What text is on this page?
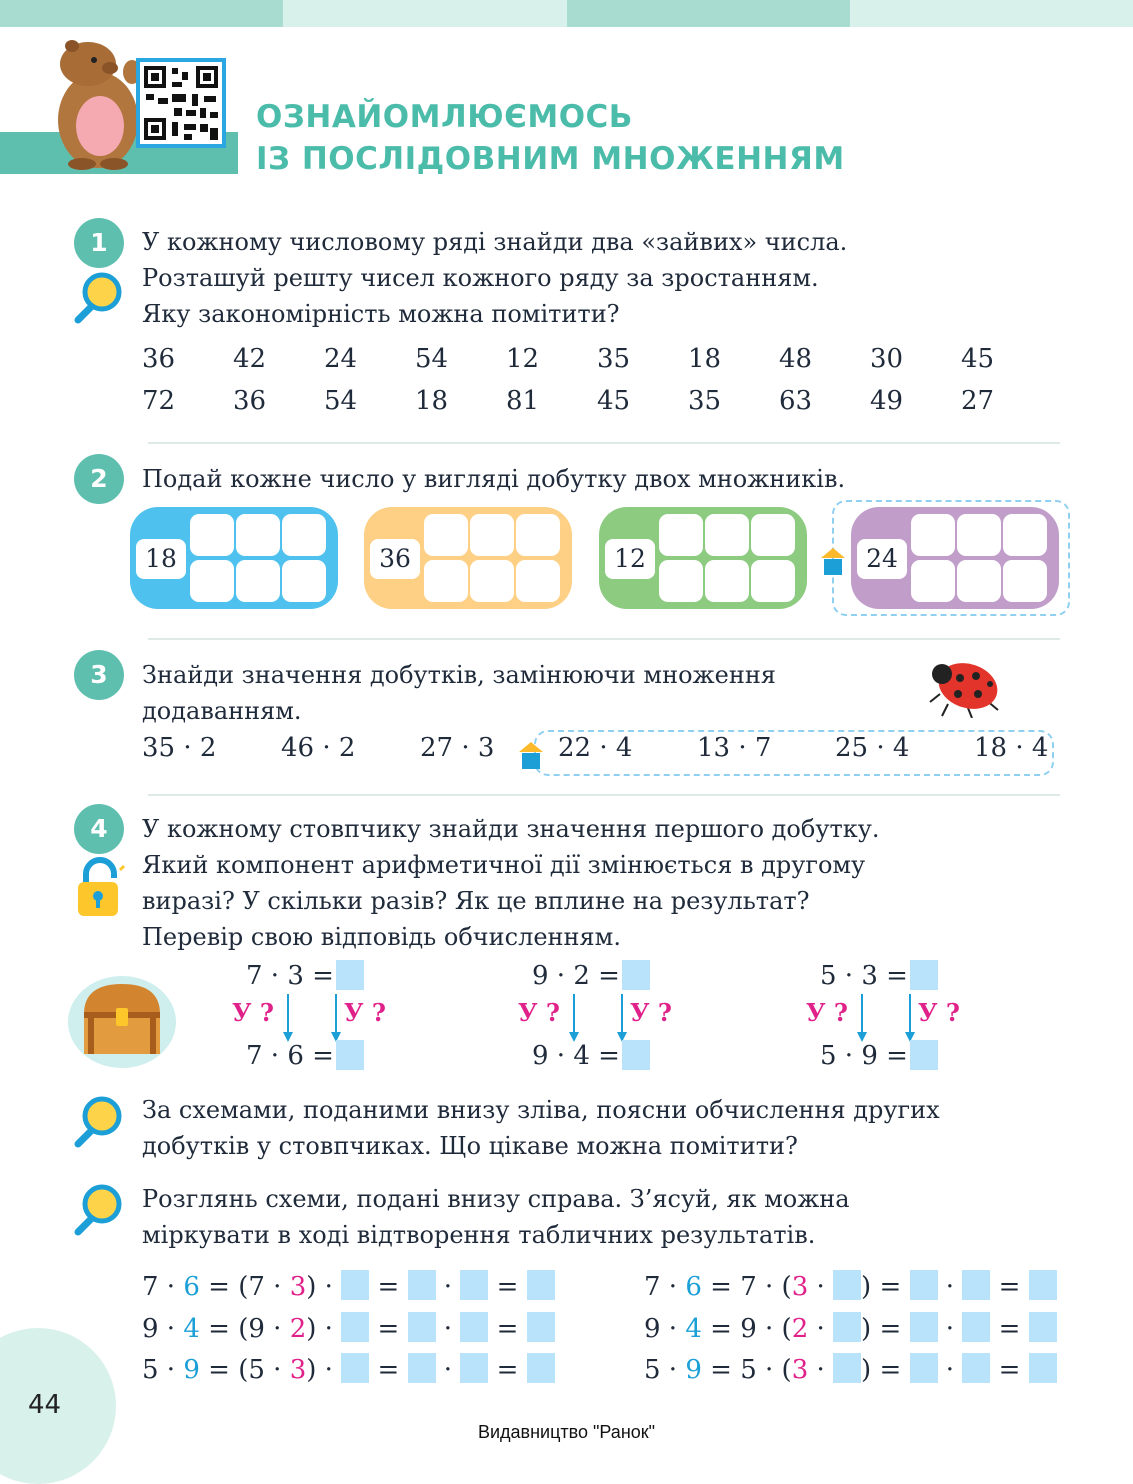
ОЗНАЙОМЛЮЄМОСЬ
ІЗ ПОСЛІДОВНИМ МНОЖЕННЯМ
1	У кожному числовому ряді знайди два «зайвих» числа.
Розташуй решту чисел кожного ряду за зростанням.
Яку закономірність можна помітити?
36 42 24 54 12 35 18 48 30 45
72 36 54 18 81 45 35 63 49 27
2	Подай кожне число у вигляді добутку двох множників.
18	36	12	24
3	Знайди значення добутків, замінюючи множення
додаванням.
35 · 2 46 · 2 27 · 3 22 · 4 13 · 7 25 · 4 18 · 4
4	У кожному стовпчику знайди значення першого добутку.
Який компонент арифметичної дії змінюється в другому
виразі? У скільки разів? Як це вплине на результат?
Перевір свою відповідь обчисленням.
7 · 3 =
У ?	У ?
7 · 6 =
9 · 2 =
У ?	У ?
9 · 4 =
5 · 3 =
У ?	У ?
5 · 9 =
За схемами, поданими внизу зліва, поясни обчислення других
добутків у стовпчиках. Що цікаве можна помітити?
Розглянь схеми, подані внизу справа. З’ясуй, як можна
міркувати в ході відтворення табличних результатів.
7 · 6 = (7 · 3) ·  =  ·  =
9 · 4 = (9 · 2) ·  =  ·  =
5 · 9 = (5 · 3) ·  =  ·  =
7 · 6 = 7 · (3 · ) =  ·  =
9 · 4 = 9 · (2 · ) =  ·  =
5 · 9 = 5 · (3 · ) =  ·  =
44
Видавництво "Ранок"
